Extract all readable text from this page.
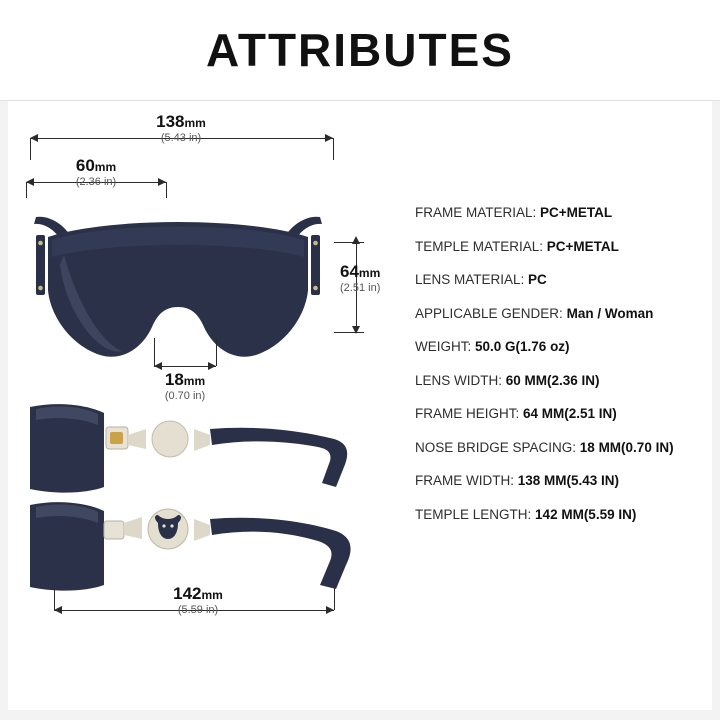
ATTRIBUTES
138mm
(5.43 in)
60mm
(2.36 in)
64mm
(2.51 in)
18mm
(0.70 in)
142mm
(5.59 in)
FRAME MATERIAL: PC+METAL
TEMPLE MATERIAL: PC+METAL
LENS MATERIAL: PC
APPLICABLE GENDER: Man / Woman
WEIGHT: 50.0 G(1.76 oz)
LENS WIDTH: 60 MM(2.36 IN)
FRAME HEIGHT: 64 MM(2.51 IN)
NOSE BRIDGE SPACING: 18 MM(0.70 IN)
FRAME WIDTH: 138 MM(5.43 IN)
TEMPLE LENGTH: 142 MM(5.59 IN)
